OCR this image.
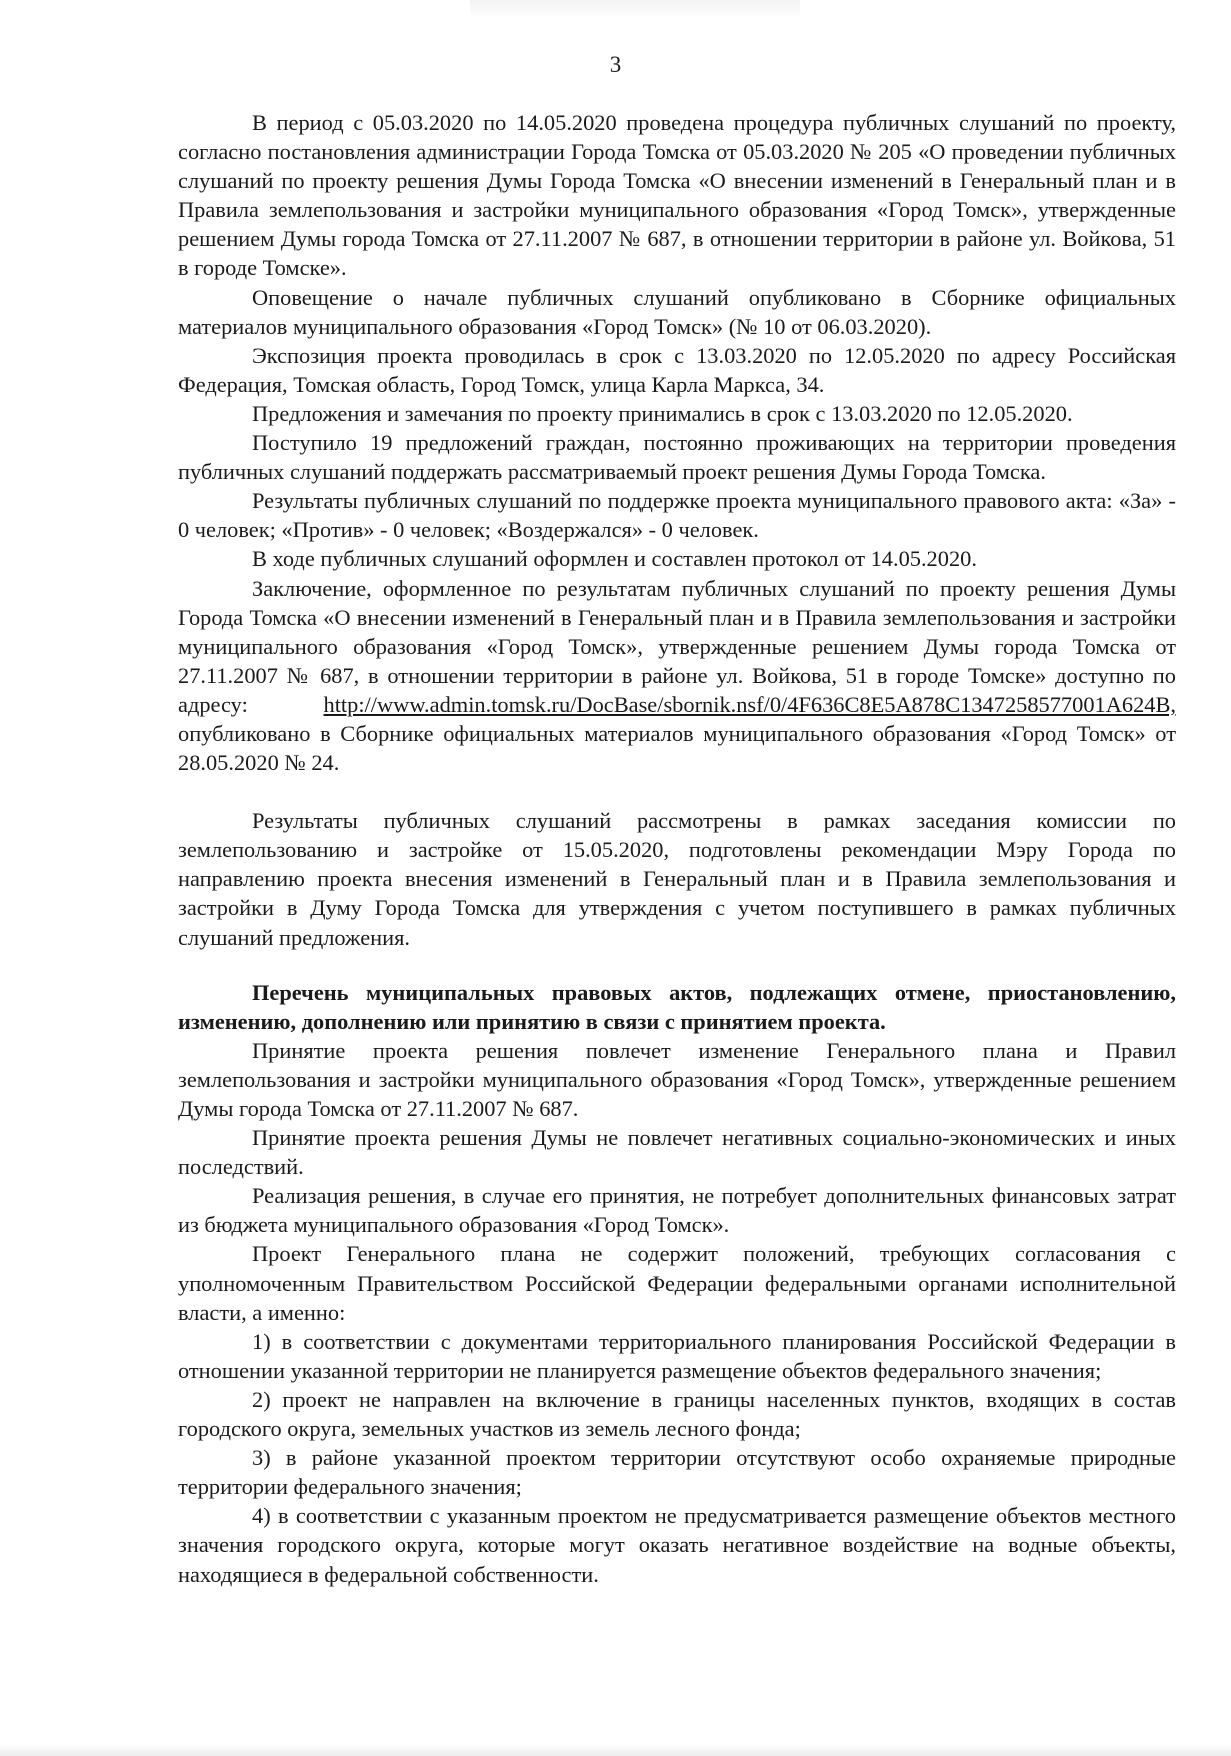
3

В период с 05.03.2020 по 14.05.2020 проведена процедура публичных слушаний по проекту, согласно постановления администрации Города Томска от 05.03.2020 № 205 «О проведении публичных слушаний по проекту решения Думы Города Томска «О внесении изменений в Генеральный план и в Правила землепользования и застройки муниципального образования «Город Томск», утвержденные решением Думы города Томска от 27.11.2007 № 687, в отношении территории в районе ул. Войкова, 51 в городе Томске».

Оповещение о начале публичных слушаний опубликовано в Сборнике официальных материалов муниципального образования «Город Томск» (№ 10 от 06.03.2020).

Экспозиция проекта проводилась в срок с 13.03.2020 по 12.05.2020 по адресу Российская Федерация, Томская область, Город Томск, улица Карла Маркса, 34.

Предложения и замечания по проекту принимались в срок с 13.03.2020 по 12.05.2020.

Поступило 19 предложений граждан, постоянно проживающих на территории проведения публичных слушаний поддержать рассматриваемый проект решения Думы Города Томска.

Результаты публичных слушаний по поддержке проекта муниципального правового акта: «За» - 0 человек; «Против» - 0 человек; «Воздержался» - 0 человек.

В ходе публичных слушаний оформлен и составлен протокол от 14.05.2020.

Заключение, оформленное по результатам публичных слушаний по проекту решения Думы Города Томска «О внесении изменений в Генеральный план и в Правила землепользования и застройки муниципального образования «Город Томск», утвержденные решением Думы города Томска от 27.11.2007 № 687, в отношении территории в районе ул. Войкова, 51 в городе Томске» доступно по адресу:	http://www.admin.tomsk.ru/DocBase/sbornik.nsf/0/4F636C8E5A878C1347258577001A624B, опубликовано в Сборнике официальных материалов муниципального образования «Город Томск» от 28.05.2020 № 24.

Результаты публичных слушаний рассмотрены в рамках заседания комиссии по землепользованию и застройке от 15.05.2020, подготовлены рекомендации Мэру Города по направлению проекта внесения изменений в Генеральный план и в Правила землепользования и застройки в Думу Города Томска для утверждения с учетом поступившего в рамках публичных слушаний предложения.

Перечень муниципальных правовых актов, подлежащих отмене, приостановлению, изменению, дополнению или принятию в связи с принятием проекта.

Принятие проекта решения повлечет изменение Генерального плана и Правил землепользования и застройки муниципального образования «Город Томск», утвержденные решением Думы города Томска от 27.11.2007 № 687.

Принятие проекта решения Думы не повлечет негативных социально-экономических и иных последствий.

Реализация решения, в случае его принятия, не потребует дополнительных финансовых затрат из бюджета муниципального образования «Город Томск».

Проект Генерального плана не содержит положений, требующих согласования с уполномоченным Правительством Российской Федерации федеральными органами исполнительной власти, а именно:

1) в соответствии с документами территориального планирования Российской Федерации в отношении указанной территории не планируется размещение объектов федерального значения;

2) проект не направлен на включение в границы населенных пунктов, входящих в состав городского округа, земельных участков из земель лесного фонда;

3) в районе указанной проектом территории отсутствуют особо охраняемые природные территории федерального значения;

4) в соответствии с указанным проектом не предусматривается размещение объектов местного значения городского округа, которые могут оказать негативное воздействие на водные объекты, находящиеся в федеральной собственности.
